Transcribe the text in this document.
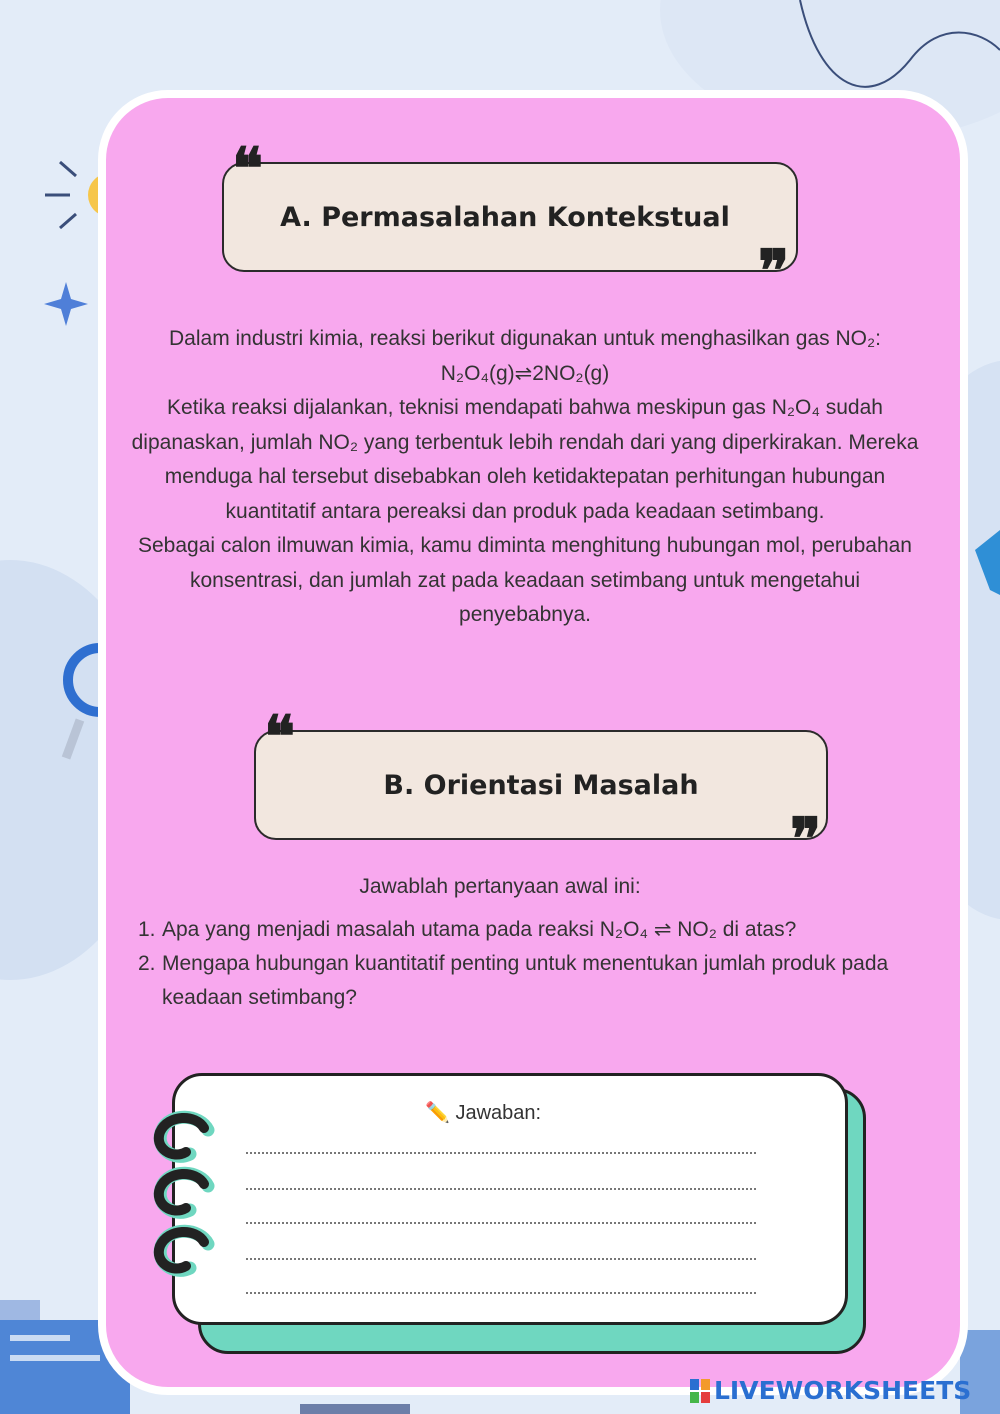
A. Permasalahan Kontekstual
❝
❞
Dalam industri kimia, reaksi berikut digunakan untuk menghasilkan gas NO₂:
N₂O₄(g)⇌2NO₂(g)
Ketika reaksi dijalankan, teknisi mendapati bahwa meskipun gas N₂O₄ sudah dipanaskan, jumlah NO₂ yang terbentuk lebih rendah dari yang diperkirakan. Mereka menduga hal tersebut disebabkan oleh ketidaktepatan perhitungan hubungan kuantitatif antara pereaksi dan produk pada keadaan setimbang.
Sebagai calon ilmuwan kimia, kamu diminta menghitung hubungan mol, perubahan konsentrasi, dan jumlah zat pada keadaan setimbang untuk mengetahui penyebabnya.
B. Orientasi Masalah
❝
❞
Jawablah pertanyaan awal ini:
1. Apa yang menjadi masalah utama pada reaksi N₂O₄ ⇌ NO₂ di atas?
2. Mengapa hubungan kuantitatif penting untuk menentukan jumlah produk pada keadaan setimbang?
✏️ Jawaban:
LIVEWORKSHEETS
